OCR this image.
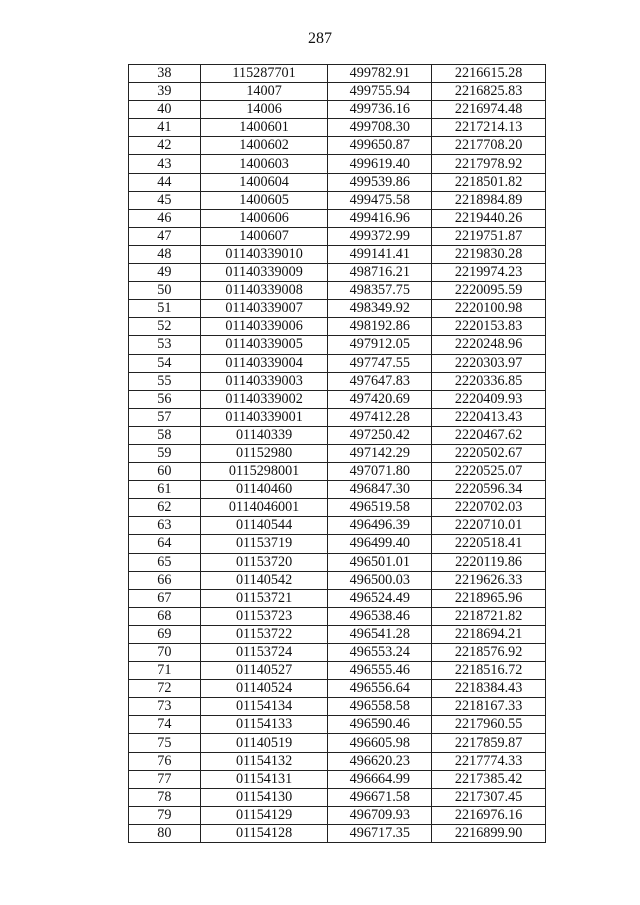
287
38	115287701	499782.91	2216615.28
39	14007	499755.94	2216825.83
40	14006	499736.16	2216974.48
41	1400601	499708.30	2217214.13
42	1400602	499650.87	2217708.20
43	1400603	499619.40	2217978.92
44	1400604	499539.86	2218501.82
45	1400605	499475.58	2218984.89
46	1400606	499416.96	2219440.26
47	1400607	499372.99	2219751.87
48	01140339010	499141.41	2219830.28
49	01140339009	498716.21	2219974.23
50	01140339008	498357.75	2220095.59
51	01140339007	498349.92	2220100.98
52	01140339006	498192.86	2220153.83
53	01140339005	497912.05	2220248.96
54	01140339004	497747.55	2220303.97
55	01140339003	497647.83	2220336.85
56	01140339002	497420.69	2220409.93
57	01140339001	497412.28	2220413.43
58	01140339	497250.42	2220467.62
59	01152980	497142.29	2220502.67
60	0115298001	497071.80	2220525.07
61	01140460	496847.30	2220596.34
62	0114046001	496519.58	2220702.03
63	01140544	496496.39	2220710.01
64	01153719	496499.40	2220518.41
65	01153720	496501.01	2220119.86
66	01140542	496500.03	2219626.33
67	01153721	496524.49	2218965.96
68	01153723	496538.46	2218721.82
69	01153722	496541.28	2218694.21
70	01153724	496553.24	2218576.92
71	01140527	496555.46	2218516.72
72	01140524	496556.64	2218384.43
73	01154134	496558.58	2218167.33
74	01154133	496590.46	2217960.55
75	01140519	496605.98	2217859.87
76	01154132	496620.23	2217774.33
77	01154131	496664.99	2217385.42
78	01154130	496671.58	2217307.45
79	01154129	496709.93	2216976.16
80	01154128	496717.35	2216899.90
